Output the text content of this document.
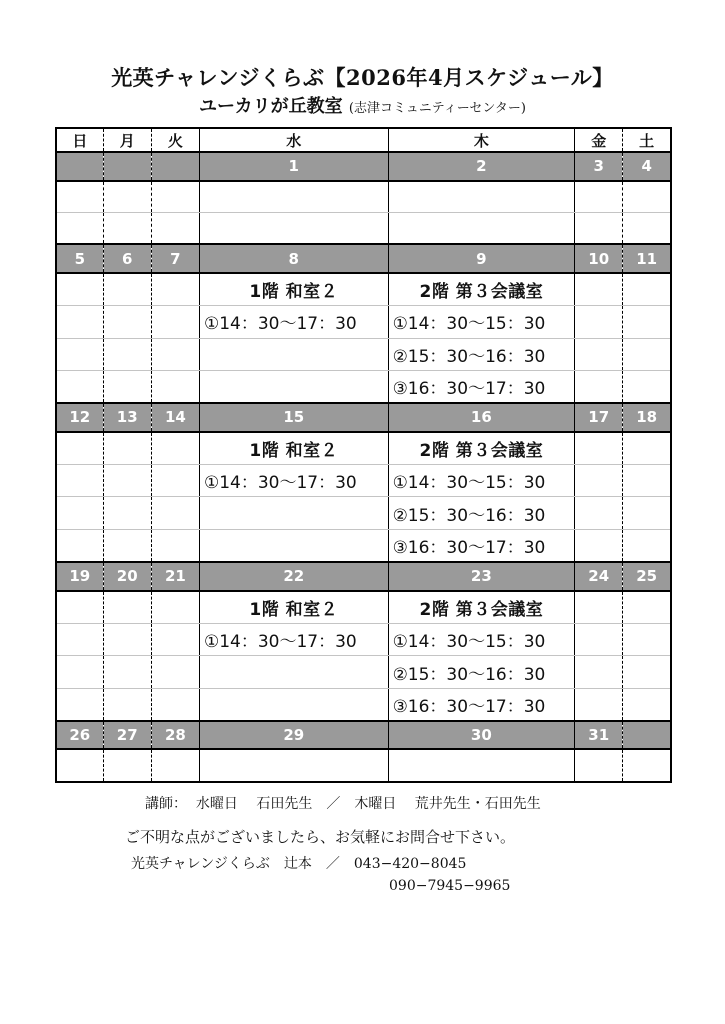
光英チャレンジくらぶ【2026年4月スケジュール】
ユーカリが丘教室 (志津コミュニティーセンター)
日	月	火	水	木	金	土
			1	2	3	4

5	6	7	8	9	10	11
			1階 和室２	2階 第３会議室		
			①14：30〜17：30	①14：30〜15：30		
				②15：30〜16：30		
				③16：30〜17：30		
12	13	14	15	16	17	18
			1階 和室２	2階 第３会議室		
			①14：30〜17：30	①14：30〜15：30		
				②15：30〜16：30		
				③16：30〜17：30		
19	20	21	22	23	24	25
			1階 和室２	2階 第３会議室		
			①14：30〜17：30	①14：30〜15：30		
				②15：30〜16：30		
				③16：30〜17：30		
26	27	28	29	30	31	

講師：  水曜日　 石田先生　／　木曜日　 荒井先生・石田先生
ご不明な点がございましたら、お気軽にお問合せ下さい。
光英チャレンジくらぶ　辻本　／　043−420−8045
090−7945−9965
